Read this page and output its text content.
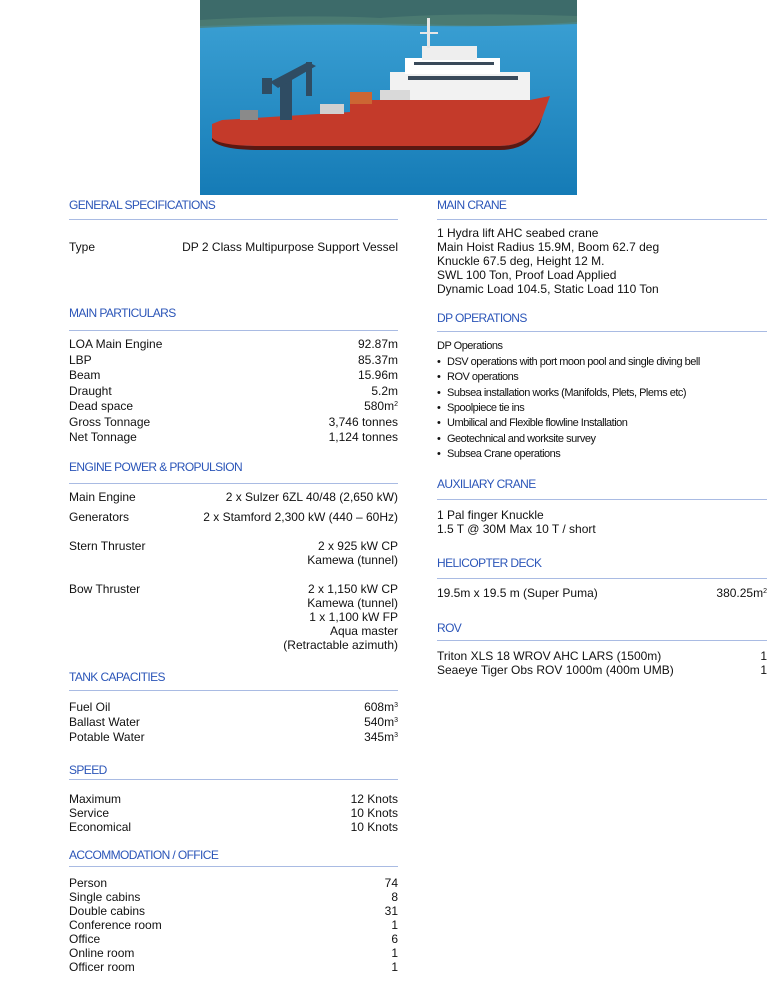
GENERAL SPECIFICATIONS
Type	DP 2 Class Multipurpose Support Vessel
MAIN PARTICULARS
LOA Main Engine	92.87m
LBP	85.37m
Beam	15.96m
Draught	5.2m
Dead space	$580m^2$
Gross Tonnage	3,746 tonnes
Net Tonnage	1,124 tonnes
ENGINE POWER & PROPULSION
Main Engine	2 x Sulzer 6ZL 40/48 (2,650 kW)
Generators	2 x Stamford 2,300 kW (440 – 60Hz)
Stern Thruster	2 x 925 kW CP
Kamewa (tunnel)
Bow Thruster	2 x 1,150 kW CP
Kamewa (tunnel)
1 x 1,100 kW FP
Aqua master
(Retractable azimuth)
TANK CAPACITIES
Fuel Oil	$608m^3$
Ballast Water	$540m^3$
Potable Water	$345m^3$
SPEED
Maximum	12 Knots
Service	10 Knots
Economical	10 Knots
ACCOMMODATION / OFFICE
Person	74
Single cabins	8
Double cabins	31
Conference room	1
Office	6
Online room	1
Officer room	1
MAIN CRANE
1 Hydra lift AHC seabed crane
Main Hoist Radius 15.9M, Boom 62.7 deg
Knuckle 67.5 deg, Height 12 M.
SWL 100 Ton, Proof Load Applied
Dynamic Load 104.5, Static Load 110 Ton
DP OPERATIONS
DP Operations
• DSV operations with port moon pool and single diving bell
• ROV operations
• Subsea installation works (Manifolds, Plets, Plems etc)
• Spoolpiece tie ins
• Umbilical and Flexible flowline Installation
• Geotechnical and worksite survey
• Subsea Crane operations
AUXILIARY CRANE
1 Pal finger Knuckle
1.5 T @ 30M Max 10 T / short
HELICOPTER DECK
19.5m x 19.5 m (Super Puma)	$380.25m^2$
ROV
Triton XLS 18 WROV AHC LARS (1500m)	1
Seaeye Tiger Obs ROV 1000m (400m UMB)	1
